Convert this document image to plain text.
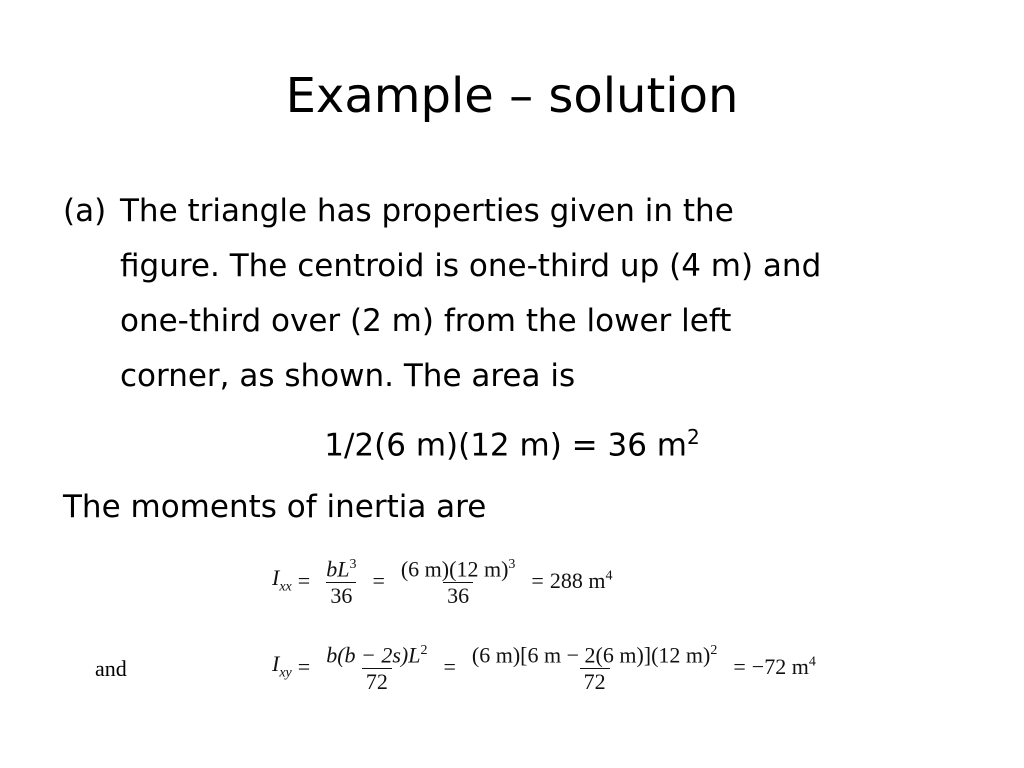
Example – solution
(a) The triangle has properties given in the
figure. The centroid is one-third up (4 m) and
one-third over (2 m) from the lower left
corner, as shown. The area is
1/2(6 m)(12 m) = 36 $m^2$
The moments of inertia are
$I_{xx} = \frac{bL^3}{36} = \frac{(6 m)(12 m)^3}{36} = 288$ $m^4$
and	$I_{xy} = \frac{b(b - 2s)L^2}{72} = \frac{(6 m)[6 m - 2(6 m)](12 m)^2}{72} = -72$ $m^4$
